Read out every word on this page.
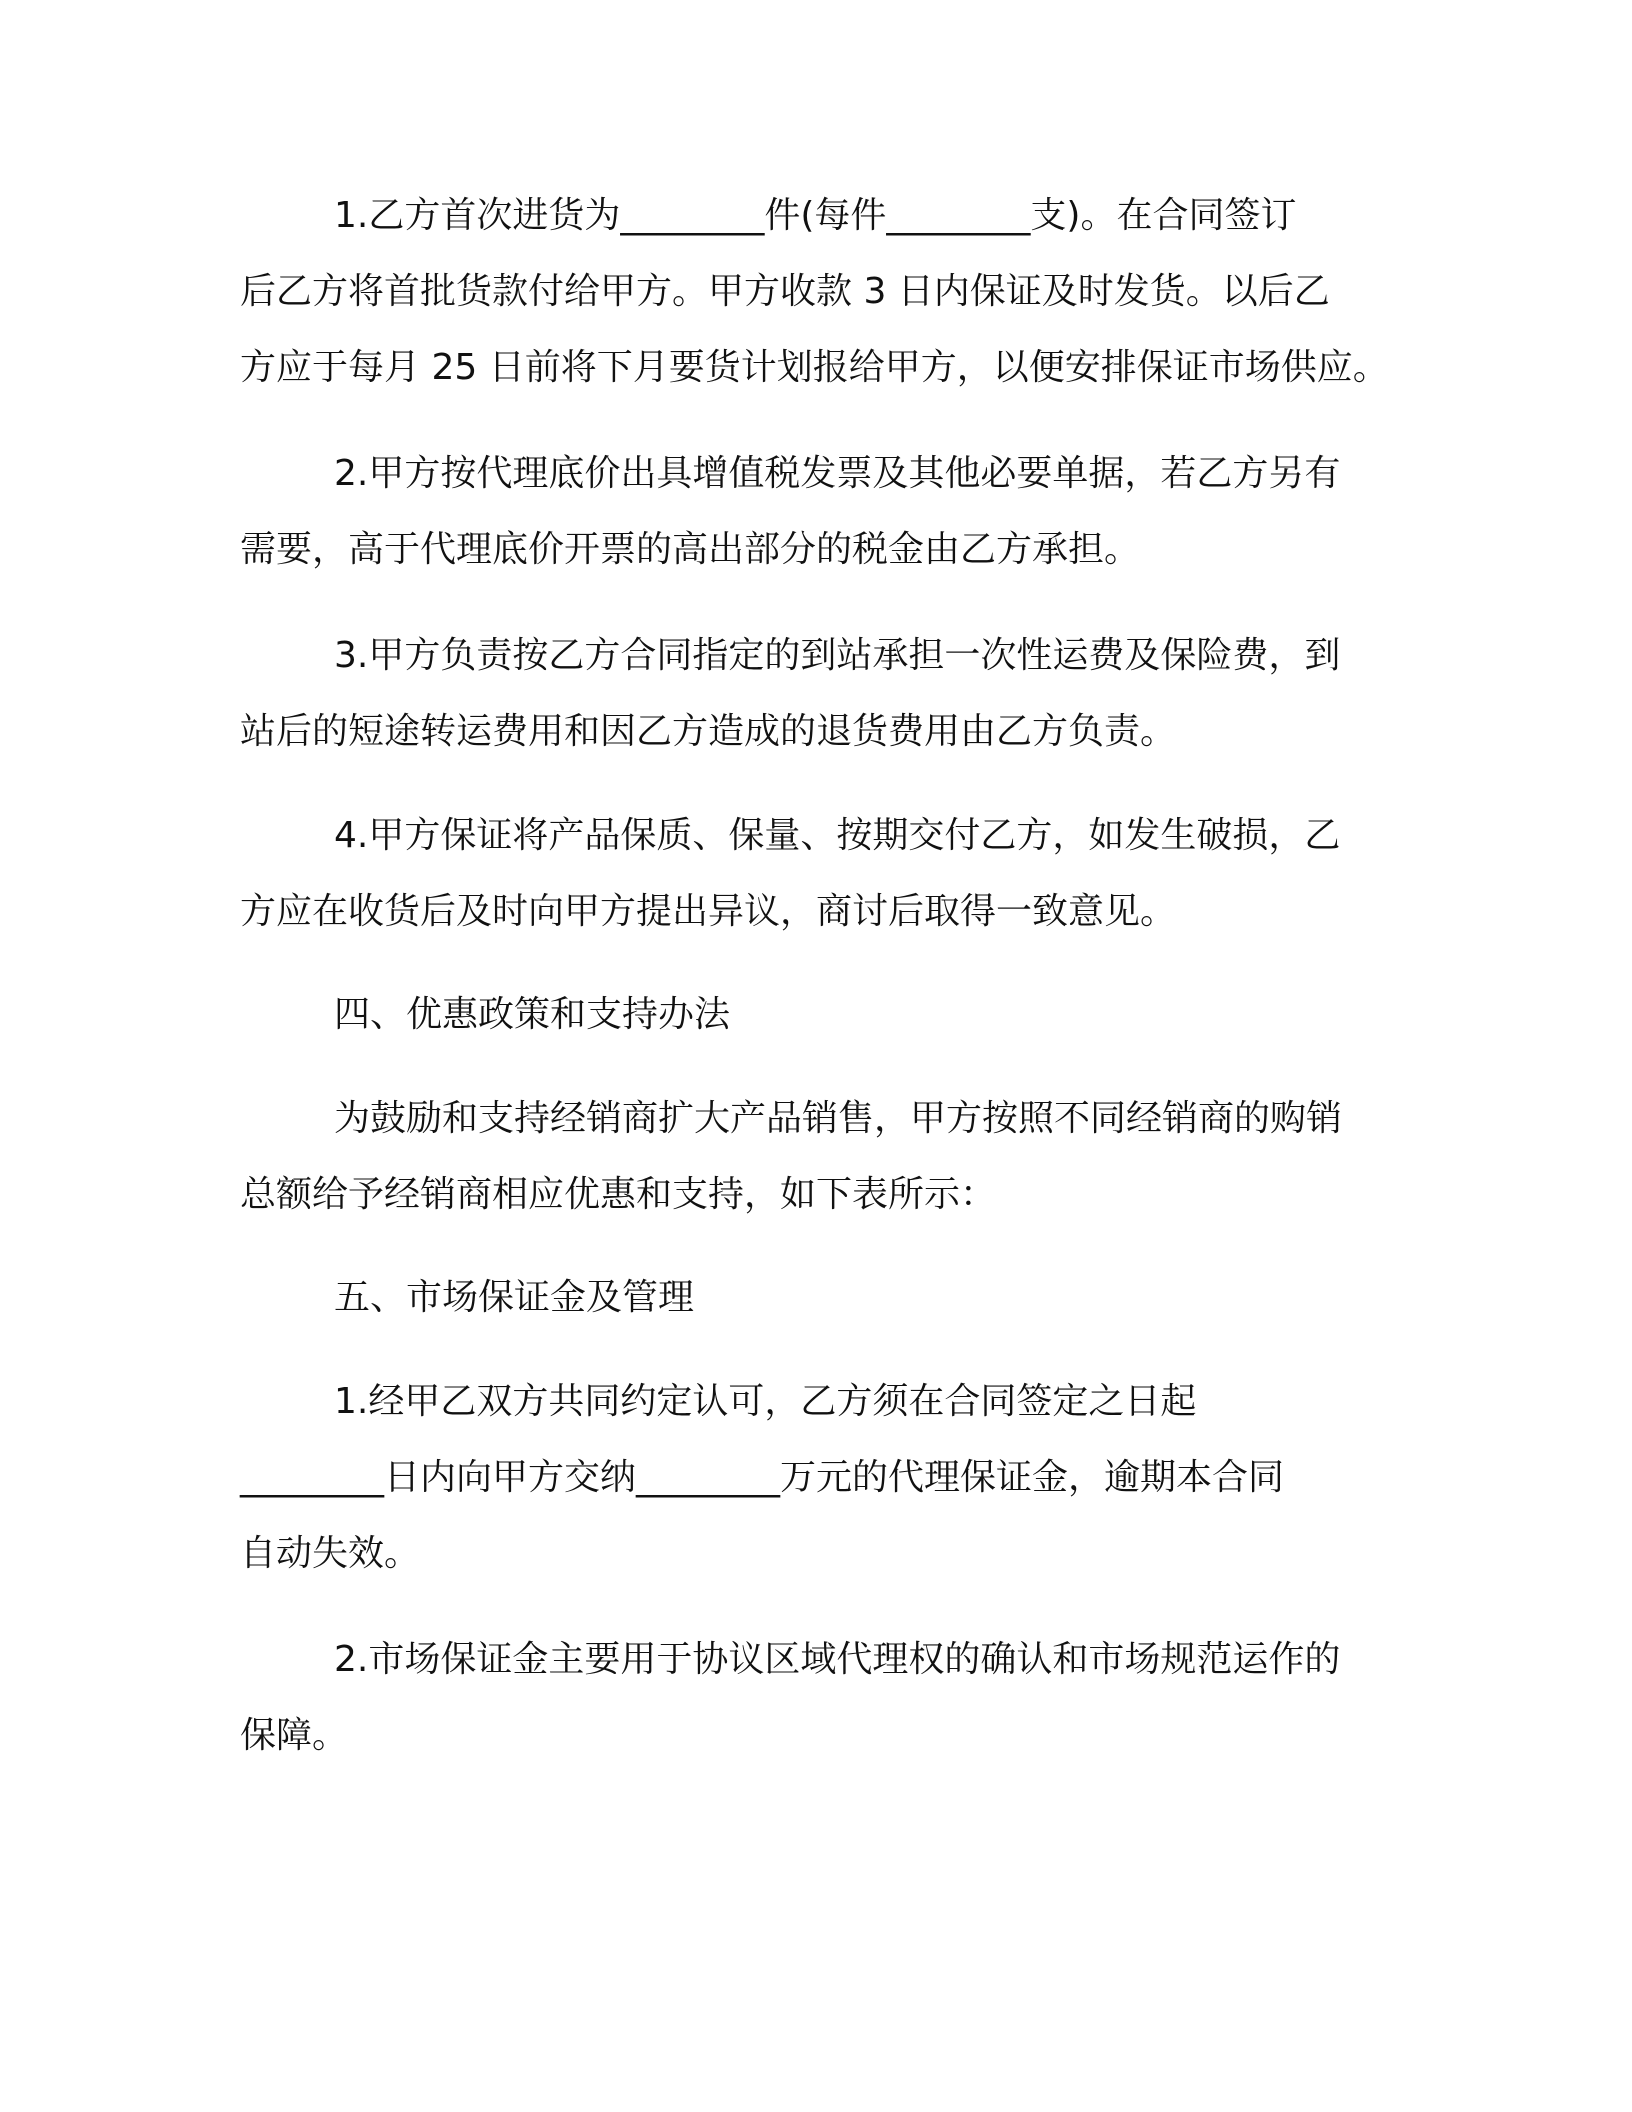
1.乙方首次进货为________件(每件________支)。在合同签订
后乙方将首批货款付给甲方。甲方收款 3 日内保证及时发货。以后乙
方应于每月 25 日前将下月要货计划报给甲方，以便安排保证市场供应。

2.甲方按代理底价出具增值税发票及其他必要单据，若乙方另有
需要，高于代理底价开票的高出部分的税金由乙方承担。

3.甲方负责按乙方合同指定的到站承担一次性运费及保险费，到
站后的短途转运费用和因乙方造成的退货费用由乙方负责。

4.甲方保证将产品保质、保量、按期交付乙方，如发生破损，乙
方应在收货后及时向甲方提出异议，商讨后取得一致意见。

四、优惠政策和支持办法

为鼓励和支持经销商扩大产品销售，甲方按照不同经销商的购销
总额给予经销商相应优惠和支持，如下表所示：

五、市场保证金及管理

1.经甲乙双方共同约定认可，乙方须在合同签定之日起
________日内向甲方交纳________万元的代理保证金，逾期本合同
自动失效。

2.市场保证金主要用于协议区域代理权的确认和市场规范运作的
保障。
